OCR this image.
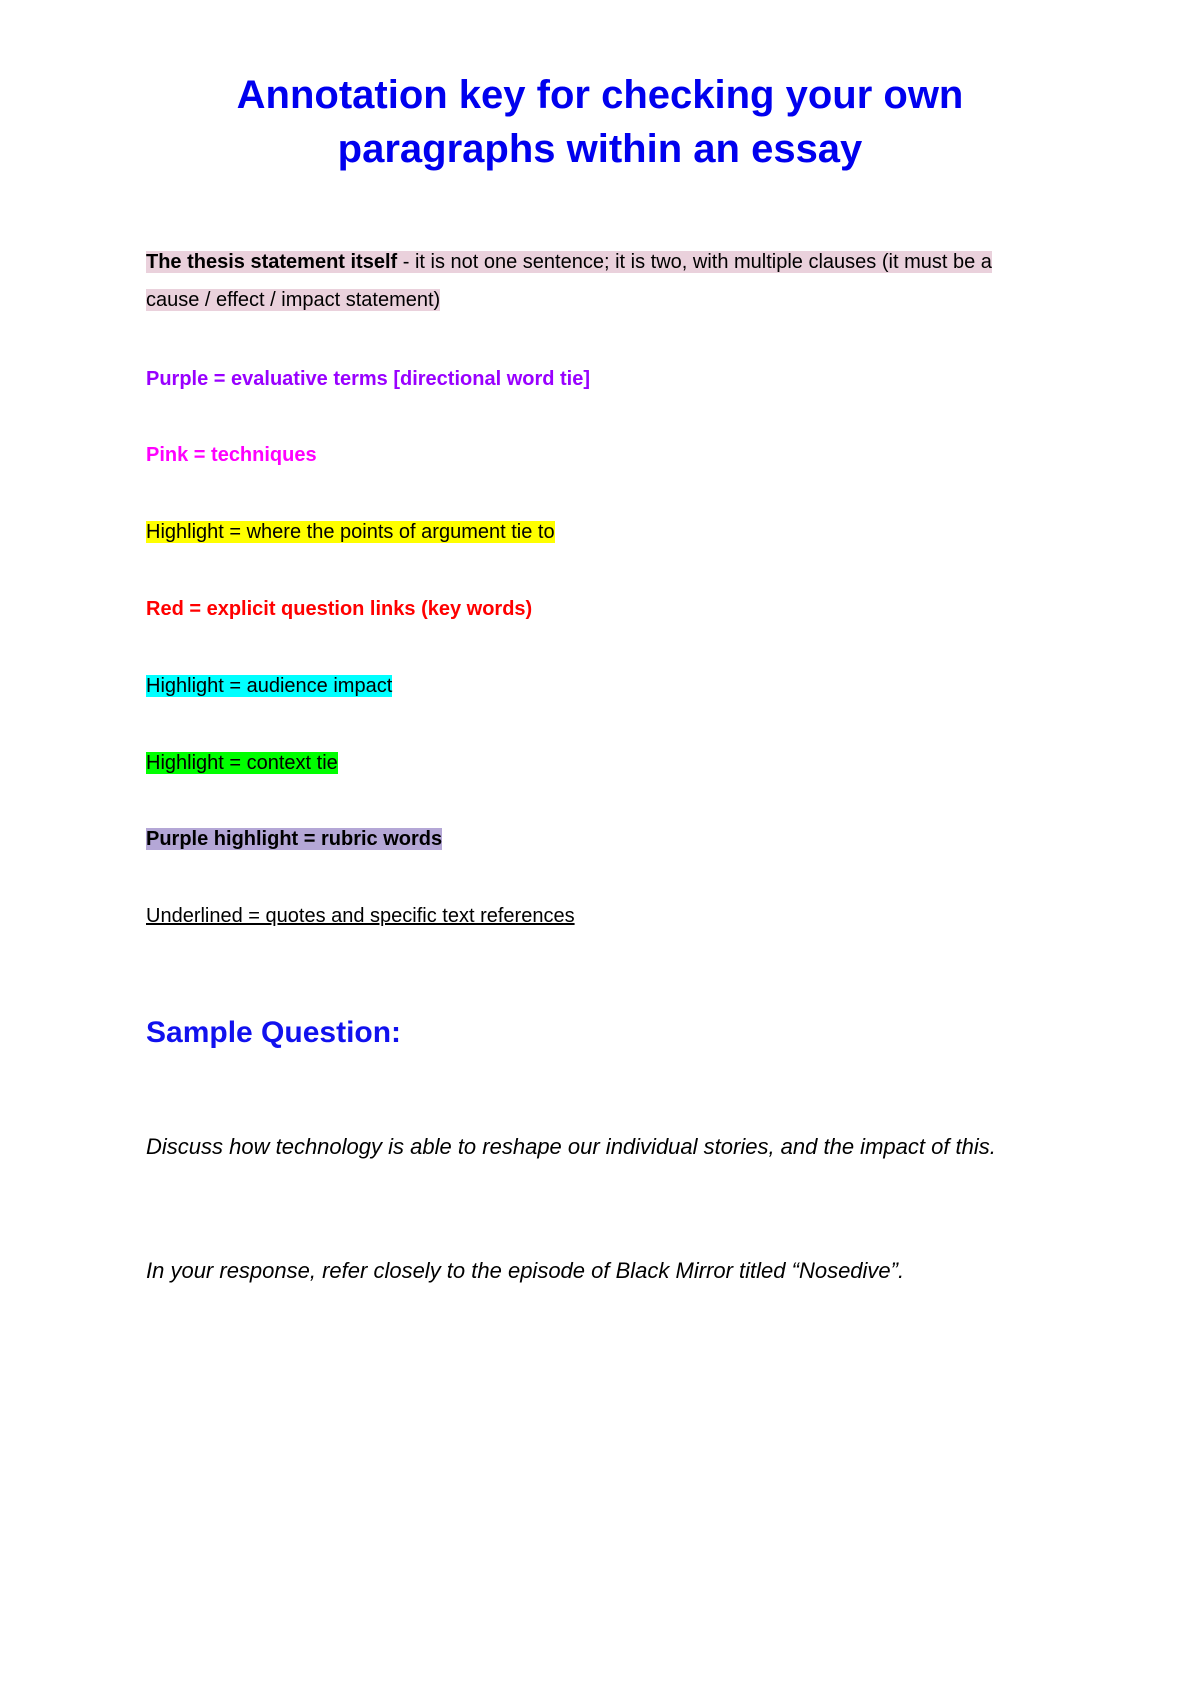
Annotation key for checking your own
paragraphs within an essay

The thesis statement itself - it is not one sentence; it is two, with multiple clauses (it must be a cause / effect / impact statement)

Purple = evaluative terms [directional word tie]

Pink = techniques

Highlight = where the points of argument tie to

Red = explicit question links (key words)

Highlight = audience impact

Highlight = context tie

Purple highlight = rubric words

Underlined = quotes and specific text references

Sample Question:

Discuss how technology is able to reshape our individual stories, and the impact of this.

In your response, refer closely to the episode of Black Mirror titled “Nosedive”.
